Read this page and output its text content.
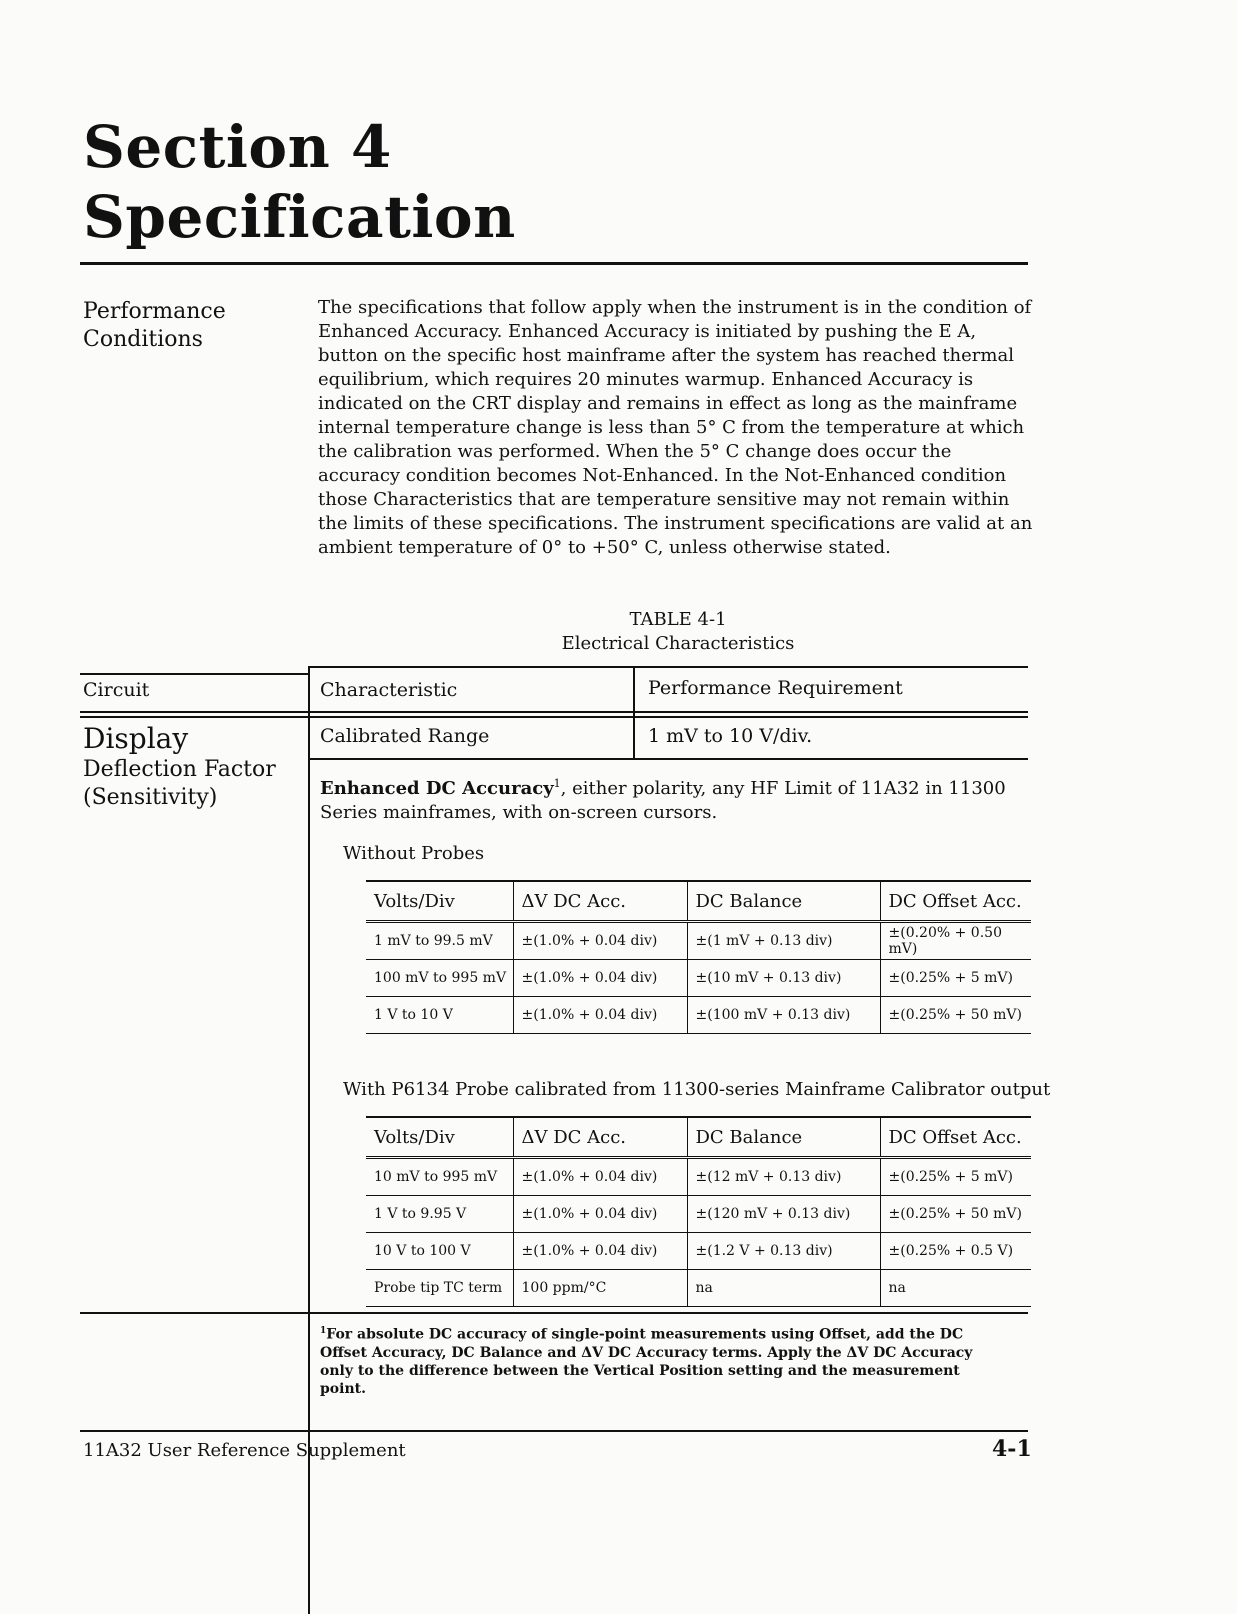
Section 4
Specification
Performance
Conditions
The specifications that follow apply when the instrument is in the condition of Enhanced Accuracy. Enhanced Accuracy is initiated by pushing the E A, button on the specific host mainframe after the system has reached thermal equilibrium, which requires 20 minutes warmup. Enhanced Accuracy is indicated on the CRT display and remains in effect as long as the mainframe internal temperature change is less than 5° C from the temperature at which the calibration was performed. When the 5° C change does occur the accuracy condition becomes Not-Enhanced. In the Not-Enhanced condition those Characteristics that are temperature sensitive may not remain within the limits of these specifications. The instrument specifications are valid at an ambient temperature of 0° to +50° C, unless otherwise stated.
TABLE 4-1
Electrical Characteristics
Circuit	Characteristic	Performance Requirement
Display
Deflection Factor
(Sensitivity)
Calibrated Range	1 mV to 10 V/div.
Enhanced DC Accuracy$^1$, either polarity, any HF Limit of 11A32 in 11300 Series mainframes, with on-screen cursors.
Without Probes
Volts/Div	ΔV DC Acc.	DC Balance	DC Offset Acc.
1 mV to 99.5 mV	±(1.0% + 0.04 div)	±(1 mV + 0.13 div)	±(0.20% + 0.50 mV)
100 mV to 995 mV	±(1.0% + 0.04 div)	±(10 mV + 0.13 div)	±(0.25% + 5 mV)
1 V to 10 V	±(1.0% + 0.04 div)	±(100 mV + 0.13 div)	±(0.25% + 50 mV)
With P6134 Probe calibrated from 11300-series Mainframe Calibrator output
Volts/Div	ΔV DC Acc.	DC Balance	DC Offset Acc.
10 mV to 995 mV	±(1.0% + 0.04 div)	±(12 mV + 0.13 div)	±(0.25% + 5 mV)
1 V to 9.95 V	±(1.0% + 0.04 div)	±(120 mV + 0.13 div)	±(0.25% + 50 mV)
10 V to 100 V	±(1.0% + 0.04 div)	±(1.2 V + 0.13 div)	±(0.25% + 0.5 V)
Probe tip TC term	100 ppm/°C	na	na
$^1$For absolute DC accuracy of single-point measurements using Offset, add the DC Offset Accuracy, DC Balance and ΔV DC Accuracy terms. Apply the ΔV DC Accuracy only to the difference between the Vertical Position setting and the measurement point.
11A32 User Reference Supplement	4-1
